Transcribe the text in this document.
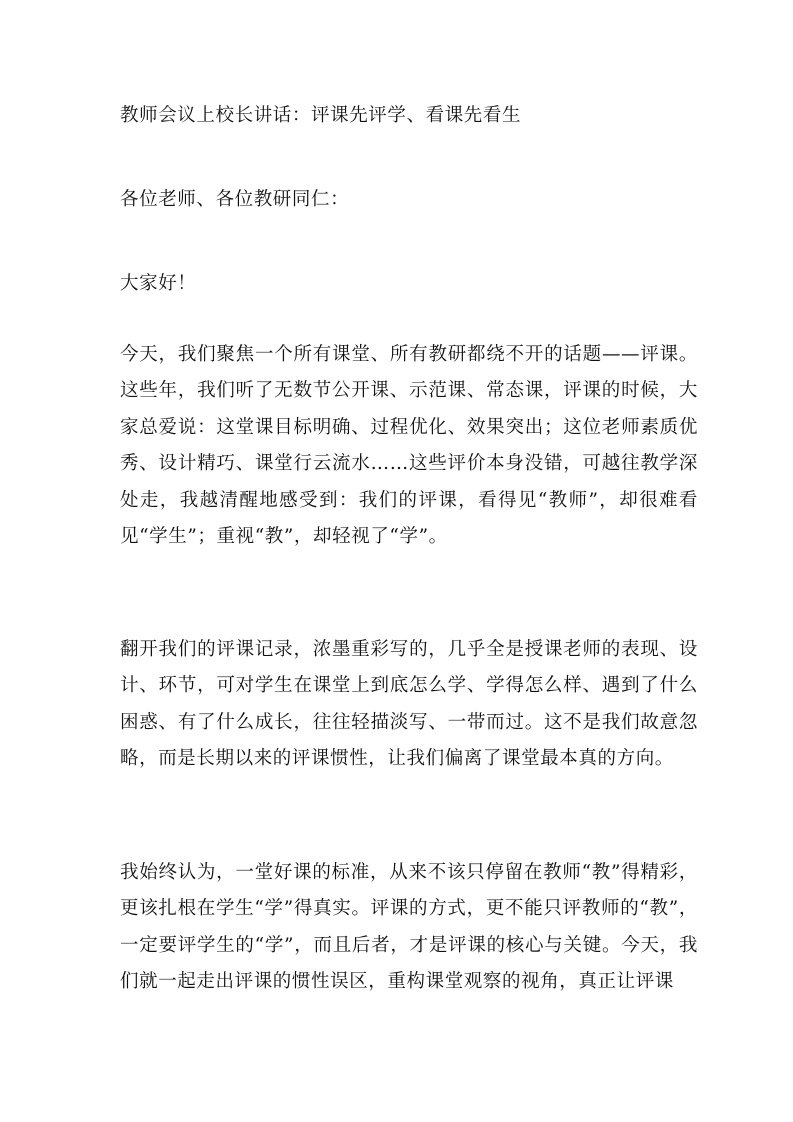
教师会议上校长讲话：评课先评学、看课先看生
各位老师、各位教研同仁：
大家好！

今天，我们聚焦一个所有课堂、所有教研都绕不开的话题——评课。这些年，我们听了无数节公开课、示范课、常态课，评课的时候，大家总爱说：这堂课目标明确、过程优化、效果突出；这位老师素质优秀、设计精巧、课堂行云流水……这些评价本身没错，可越往教学深处走，我越清醒地感受到：我们的评课，看得见“教师”，却很难看见“学生”；重视“教”，却轻视了“学”。

翻开我们的评课记录，浓墨重彩写的，几乎全是授课老师的表现、设计、环节，可对学生在课堂上到底怎么学、学得怎么样、遇到了什么困惑、有了什么成长，往往轻描淡写、一带而过。这不是我们故意忽略，而是长期以来的评课惯性，让我们偏离了课堂最本真的方向。

我始终认为，一堂好课的标准，从来不该只停留在教师“教”得精彩，更该扎根在学生“学”得真实。评课的方式，更不能只评教师的“教”，一定要评学生的“学”，而且后者，才是评课的核心与关键。今天，我们就一起走出评课的惯性误区，重构课堂观察的视角，真正让评课
